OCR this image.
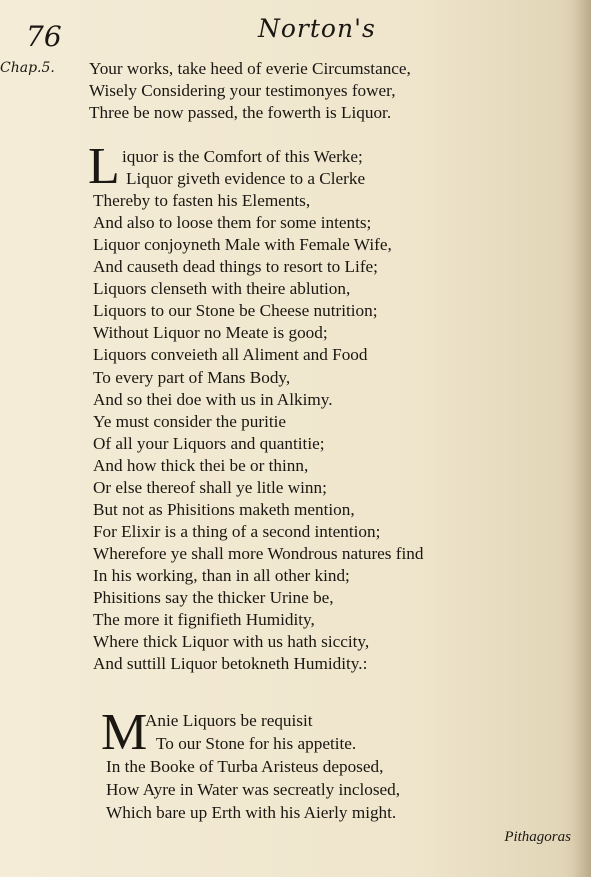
76	Norton's
Chap.5. Your works, take heed of everie Circumstance,
Wisely Considering your testimonyes fower,
Three be now passed, the fowerth is Liquor.
L iquor is the Comfort of this Werke;
Liquor giveth evidence to a Clerke
Thereby to fasten his Elements,
And also to loose them for some intents;
Liquor conjoyneth Male with Female Wife,
And causeth dead things to resort to Life;
Liquors clenseth with theire ablution,
Liquors to our Stone be Cheese nutrition;
Without Liquor no Meate is good;
Liquors conveieth all Aliment and Food
To every part of Mans Body,
And so thei doe with us in Alkimy.
Ye must consider the puritie
Of all your Liquors and quantitie;
And how thick thei be or thinn,
Or else thereof shall ye litle winn;
But not as Phisitions maketh mention,
For Elixir is a thing of a second intention;
Wherefore ye shall more Wondrous natures find
In his working, than in all other kind;
Phisitions say the thicker Urine be,
The more it fignifieth Humidity,
Where thick Liquor with us hath siccity,
And suttill Liquor betokneth Humidity.:
M
Anie Liquors be requisit
To our Stone for his appetite.
In the Booke of Turba Aristeus deposed,
How Ayre in Water was secreatly inclosed,
Which bare up Erth with his Aierly might.
Pithagoras
